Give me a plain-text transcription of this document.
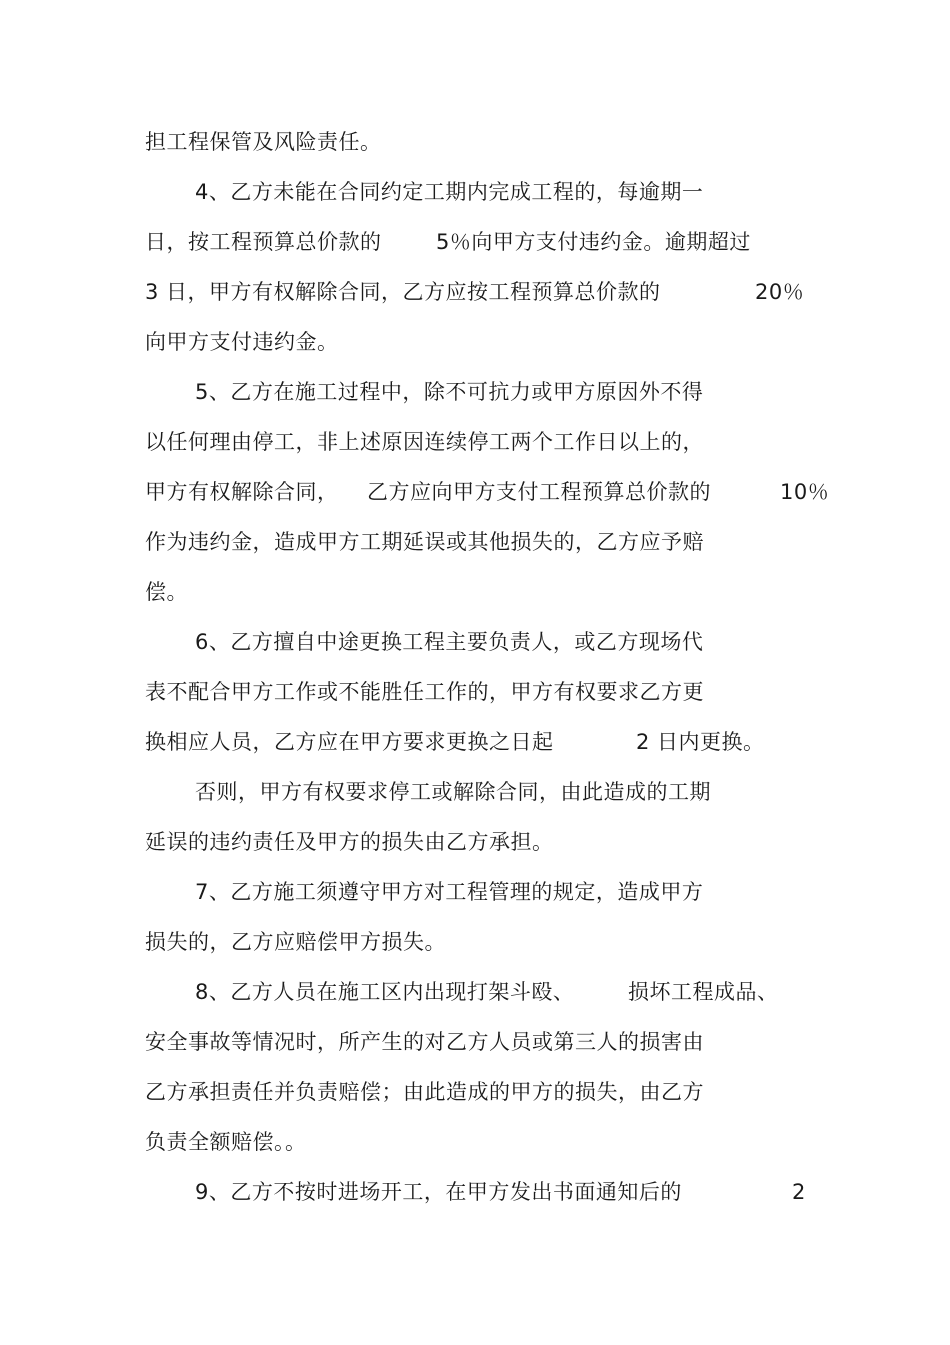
担工程保管及风险责任。
4、乙方未能在合同约定工期内完成工程的，每逾期一
日，按工程预算总价款的	5％向甲方支付违约金。逾期超过
3 日，甲方有权解除合同，乙方应按工程预算总价款的	20％
向甲方支付违约金。
5、乙方在施工过程中，除不可抗力或甲方原因外不得
以任何理由停工，非上述原因连续停工两个工作日以上的，
甲方有权解除合同， 乙方应向甲方支付工程预算总价款的	10％
作为违约金，造成甲方工期延误或其他损失的，乙方应予赔
偿。
6、乙方擅自中途更换工程主要负责人，或乙方现场代
表不配合甲方工作或不能胜任工作的，甲方有权要求乙方更
换相应人员，乙方应在甲方要求更换之日起	2 日内更换。
否则，甲方有权要求停工或解除合同，由此造成的工期
延误的违约责任及甲方的损失由乙方承担。
7、乙方施工须遵守甲方对工程管理的规定，造成甲方
损失的，乙方应赔偿甲方损失。
8、乙方人员在施工区内出现打架斗殴、	损坏工程成品、
安全事故等情况时，所产生的对乙方人员或第三人的损害由
乙方承担责任并负责赔偿；由此造成的甲方的损失，由乙方
负责全额赔偿。。
9、乙方不按时进场开工，在甲方发出书面通知后的	2
